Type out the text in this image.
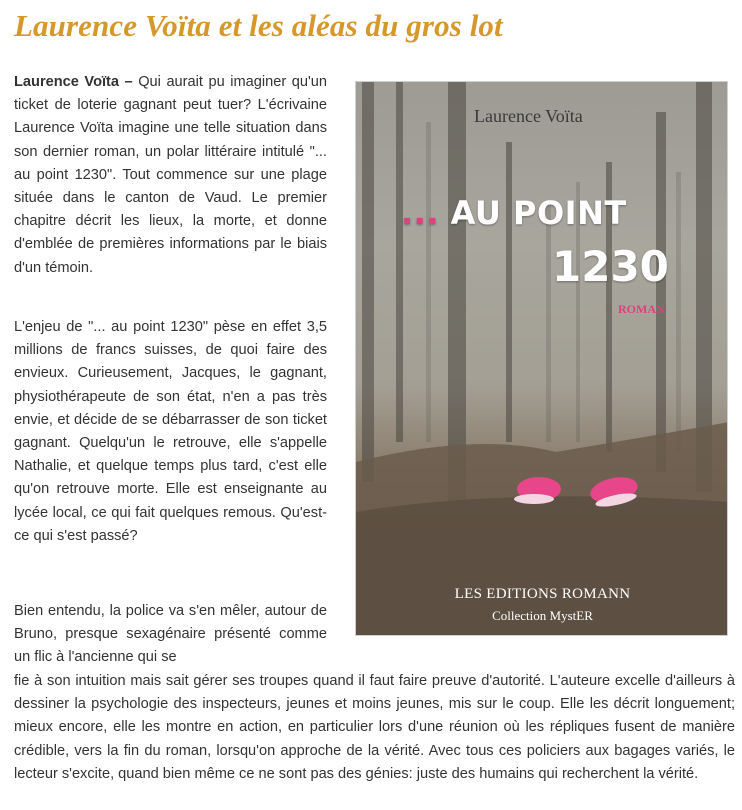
Laurence Voïta et les aléas du gros lot

Laurence Voïta – Qui aurait pu imaginer qu'un ticket de loterie gagnant peut tuer? L'écrivaine Laurence Voïta imagine une telle situation dans son dernier roman, un polar littéraire intitulé "... au point 1230". Tout commence sur une plage située dans le canton de Vaud. Le premier chapitre décrit les lieux, la morte, et donne d'emblée de premières informations par le biais d'un témoin.

L'enjeu de "... au point 1230" pèse en effet 3,5 millions de francs suisses, de quoi faire des envieux. Curieusement, Jacques, le gagnant, physiothérapeute de son état, n'en a pas très envie, et décide de se débarrasser de son ticket gagnant. Quelqu'un le retrouve, elle s'appelle Nathalie, et quelque temps plus tard, c'est elle qu'on retrouve morte. Elle est enseignante au lycée local, ce qui fait quelques remous. Qu'est-ce qui s'est passé?

Bien entendu, la police va s'en mêler, autour de Bruno, presque sexagénaire présenté comme un flic à l'ancienne qui se

fie à son intuition mais sait gérer ses troupes quand il faut faire preuve d'autorité. L'auteure excelle d'ailleurs à dessiner la psychologie des inspecteurs, jeunes et moins jeunes, mis sur le coup. Elle les décrit longuement; mieux encore, elle les montre en action, en particulier lors d'une réunion où les répliques fusent de manière crédible, vers la fin du roman, lorsqu'on approche de la vérité. Avec tous ces policiers aux bagages variés, le lecteur s'excite, quand bien même ce ne sont pas des génies: juste des humains qui recherchent la vérité.

Laurence Voïta
... AU POINT
1230
ROMAN
LES EDITIONS ROMANN
Collection MystER
